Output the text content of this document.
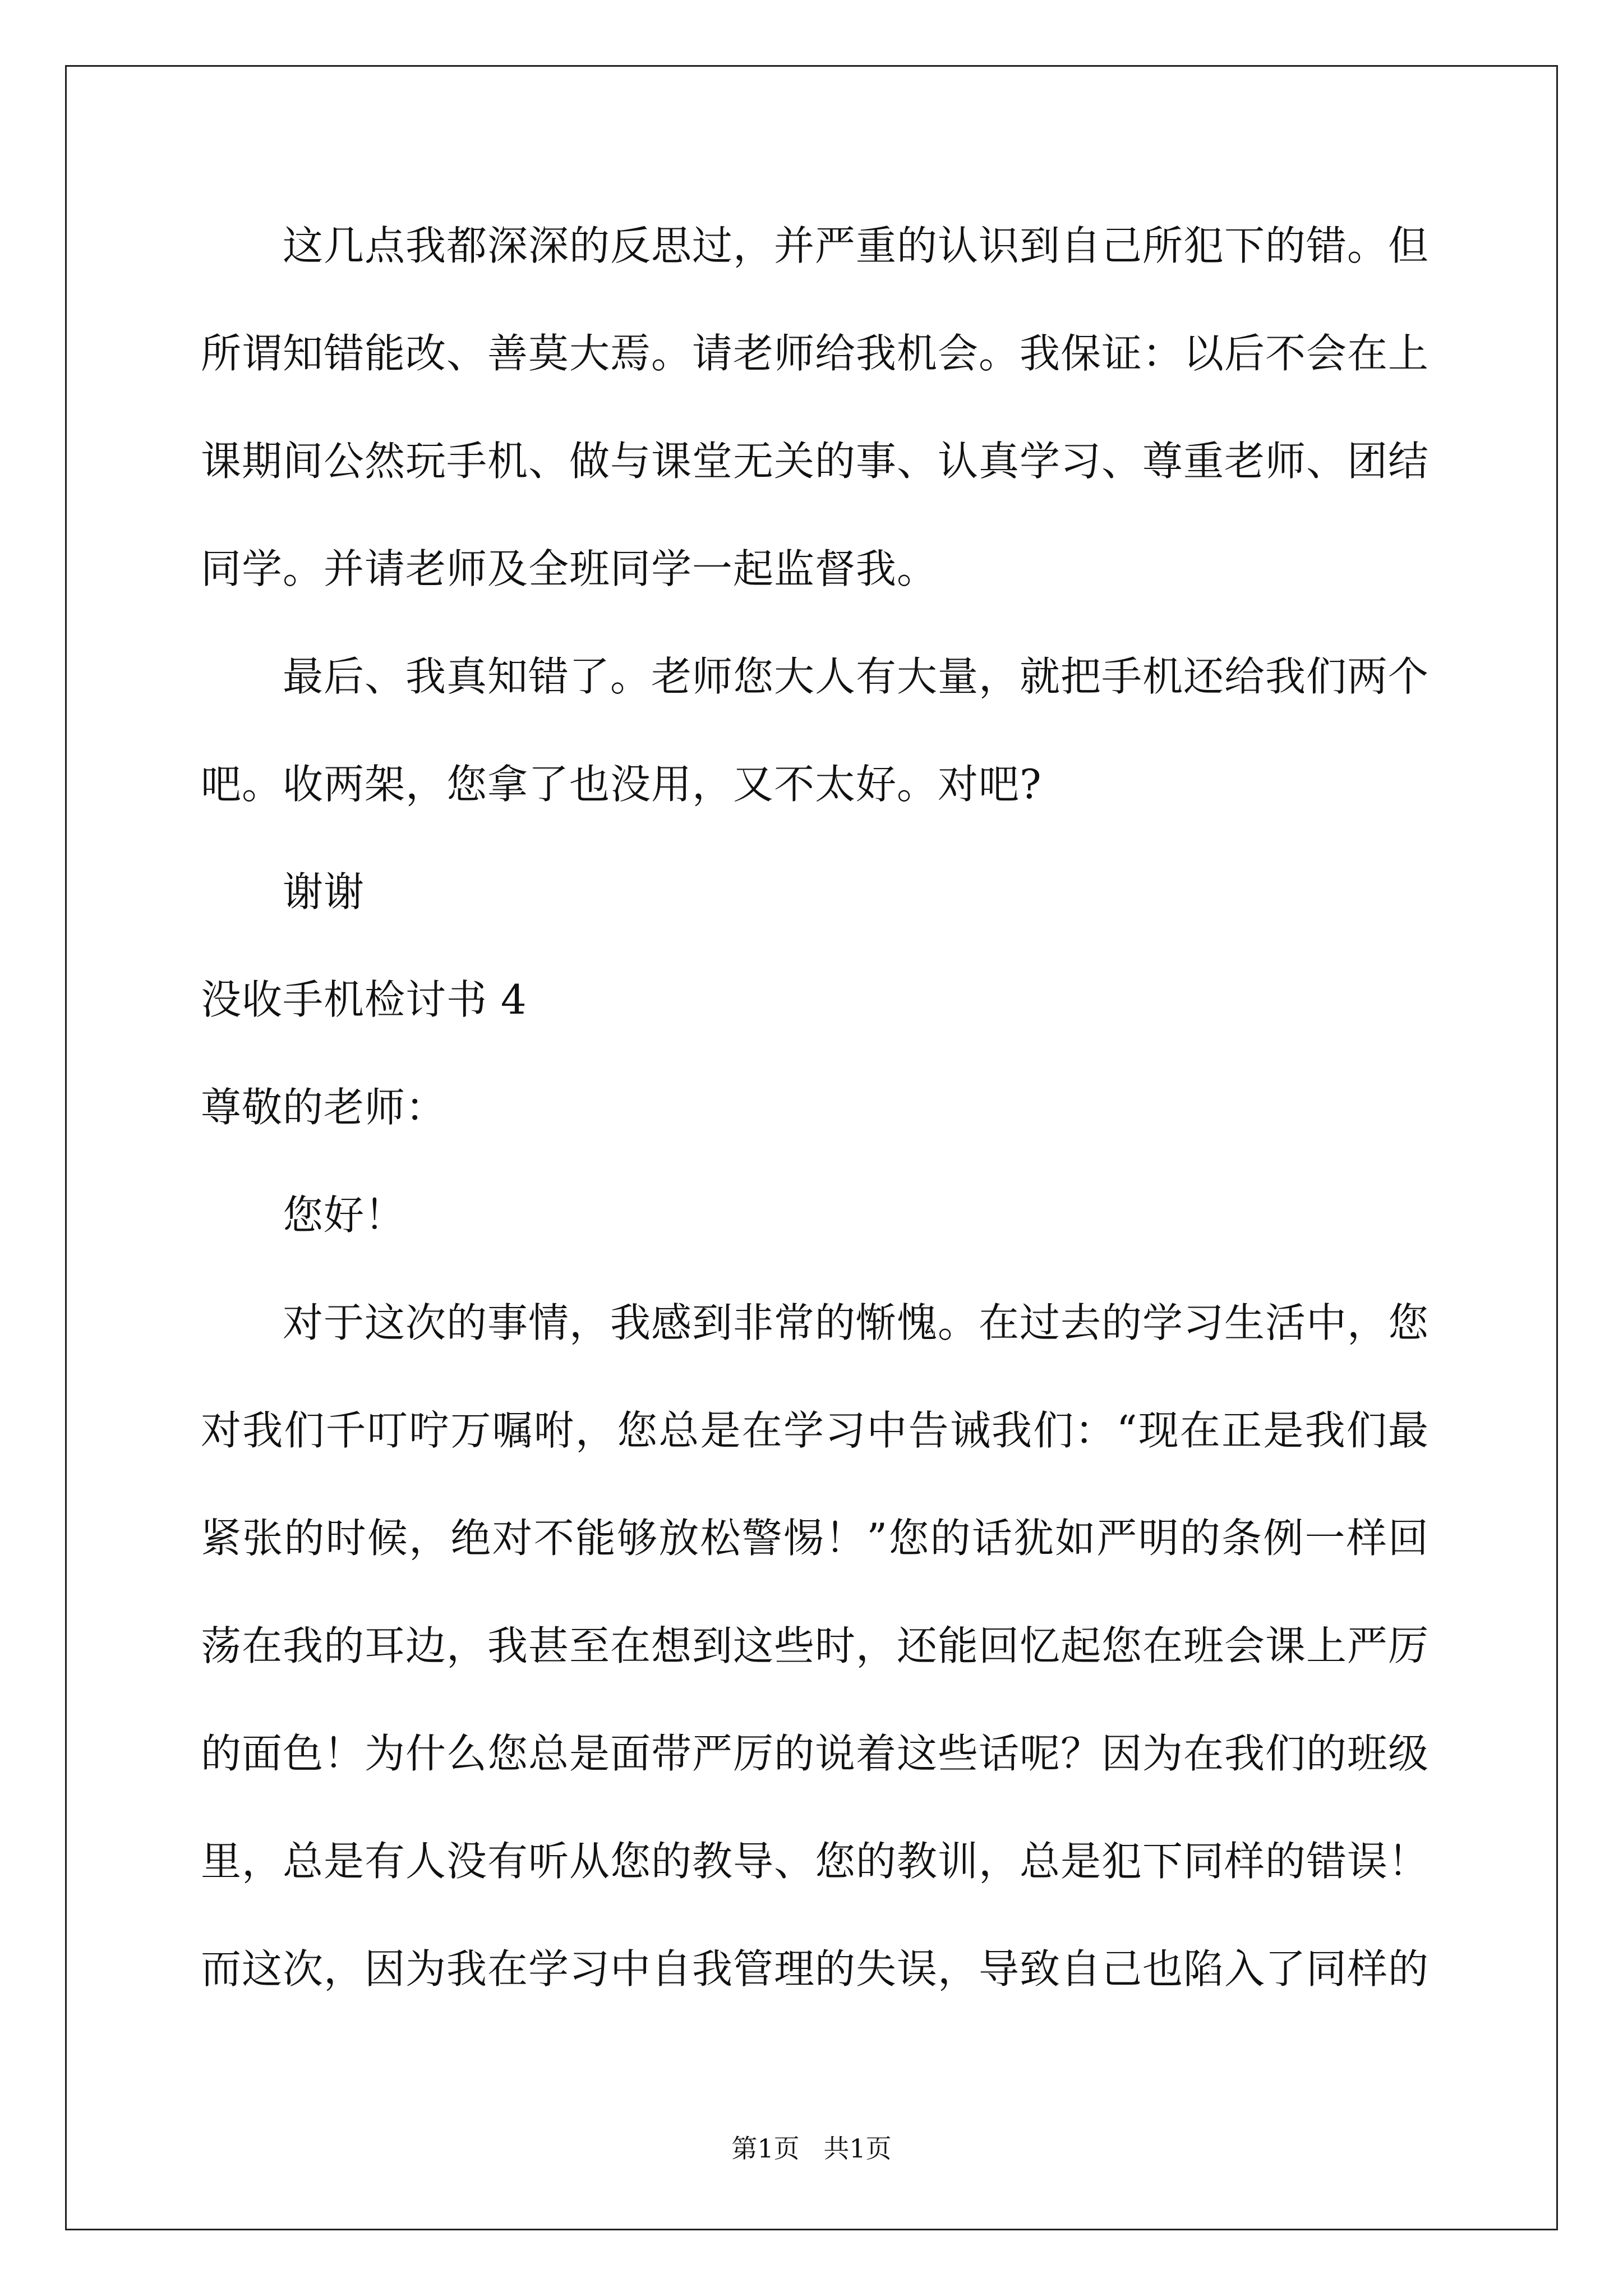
这几点我都深深的反思过，并严重的认识到自己所犯下的错。但
所谓知错能改、善莫大焉。请老师给我机会。我保证：以后不会在上
课期间公然玩手机、做与课堂无关的事、认真学习、尊重老师、团结
同学。并请老师及全班同学一起监督我。
最后、我真知错了。老师您大人有大量，就把手机还给我们两个
吧。收两架，您拿了也没用，又不太好。对吧?
谢谢
没收手机检讨书 4
尊敬的老师：
您好！
对于这次的事情，我感到非常的惭愧。在过去的学习生活中，您
对我们千叮咛万嘱咐，您总是在学习中告诫我们：“现在正是我们最
紧张的时候，绝对不能够放松警惕！”您的话犹如严明的条例一样回
荡在我的耳边，我甚至在想到这些时，还能回忆起您在班会课上严厉
的面色！为什么您总是面带严厉的说着这些话呢？因为在我们的班级
里，总是有人没有听从您的教导、您的教训，总是犯下同样的错误！
而这次，因为我在学习中自我管理的失误，导致自己也陷入了同样的
第1页 共1页
